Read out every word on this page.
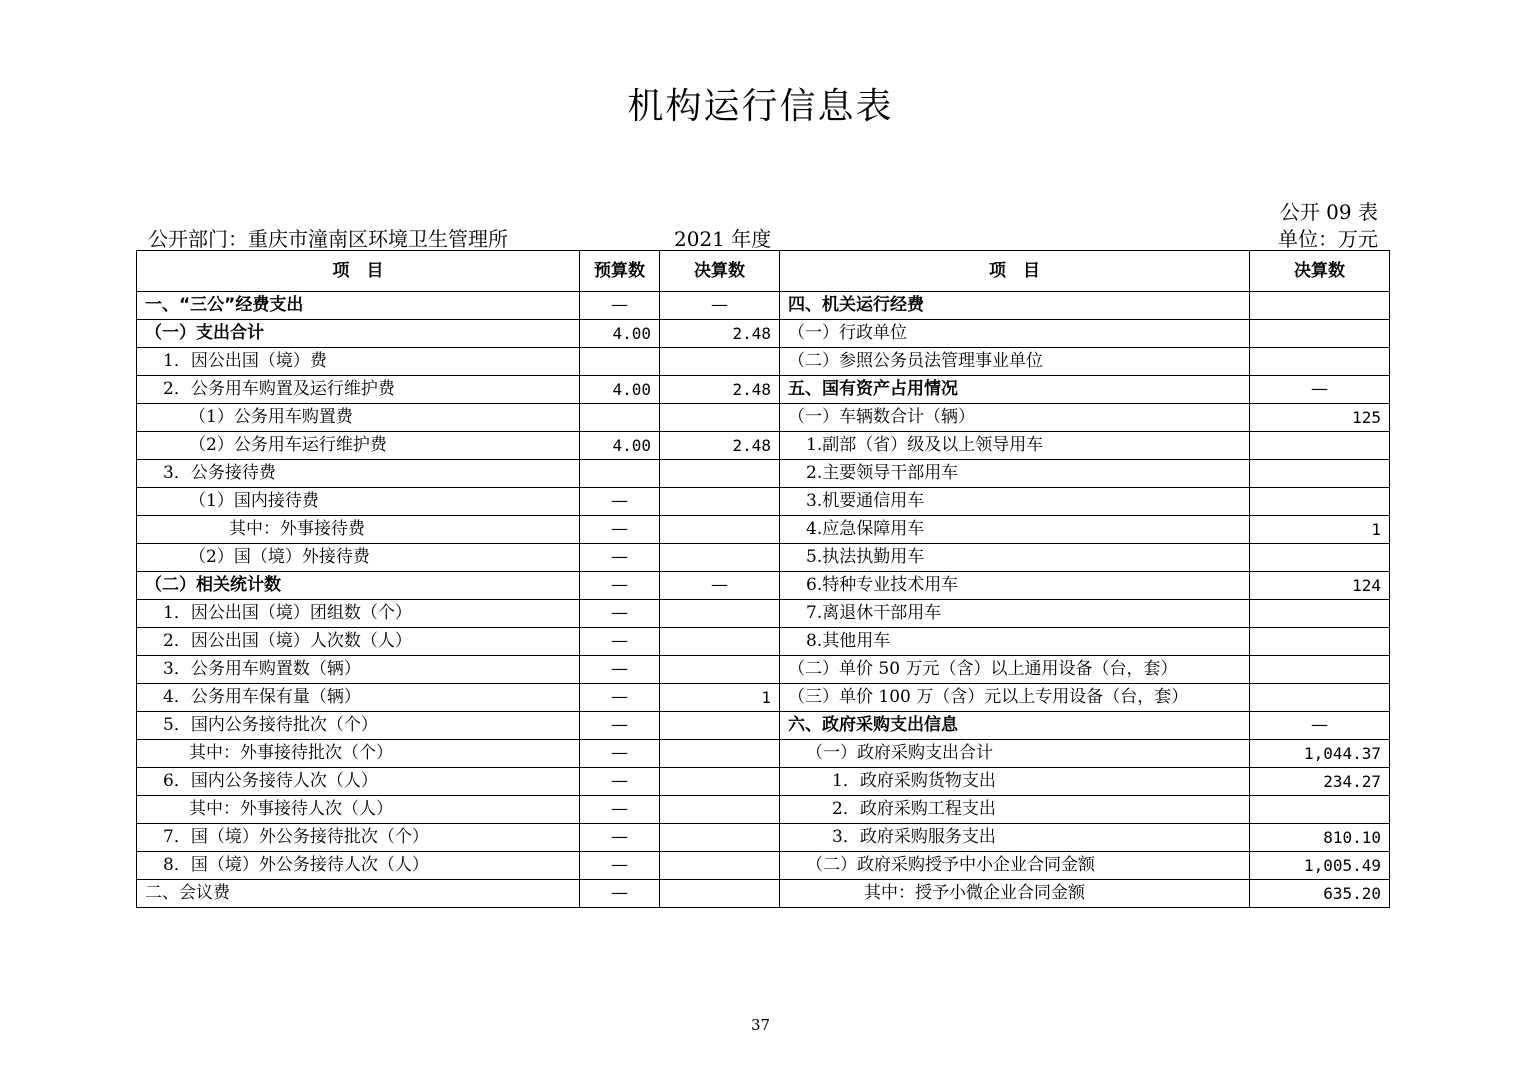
机构运行信息表
公开 09 表
公开部门：重庆市潼南区环境卫生管理所	2021 年度	单位：万元
项　目	预算数	决算数	项　目	决算数
一、“三公”经费支出	—	—	四、机关运行经费	
（一）支出合计	4.00	2.48	（一）行政单位	
1．因公出国（境）费			（二）参照公务员法管理事业单位	
2．公务用车购置及运行维护费	4.00	2.48	五、国有资产占用情况	—
（1）公务用车购置费			（一）车辆数合计（辆）	125
（2）公务用车运行维护费	4.00	2.48	1.副部（省）级及以上领导用车	
3．公务接待费			2.主要领导干部用车	
（1）国内接待费	—		3.机要通信用车	
其中：外事接待费	—		4.应急保障用车	1
（2）国（境）外接待费	—		5.执法执勤用车	
（二）相关统计数	—	—	6.特种专业技术用车	124
1．因公出国（境）团组数（个）	—		7.离退休干部用车	
2．因公出国（境）人次数（人）	—		8.其他用车	
3．公务用车购置数（辆）	—		（二）单价 50 万元（含）以上通用设备（台，套）	
4．公务用车保有量（辆）	—	1	（三）单价 100 万（含）元以上专用设备（台，套）	
5．国内公务接待批次（个）	—		六、政府采购支出信息	—
其中：外事接待批次（个）	—		（一）政府采购支出合计	1,044.37
6．国内公务接待人次（人）	—		1．政府采购货物支出	234.27
其中：外事接待人次（人）	—		2．政府采购工程支出	
7．国（境）外公务接待批次（个）	—		3．政府采购服务支出	810.10
8．国（境）外公务接待人次（人）	—		（二）政府采购授予中小企业合同金额	1,005.49
二、会议费	—		其中：授予小微企业合同金额	635.20
37
